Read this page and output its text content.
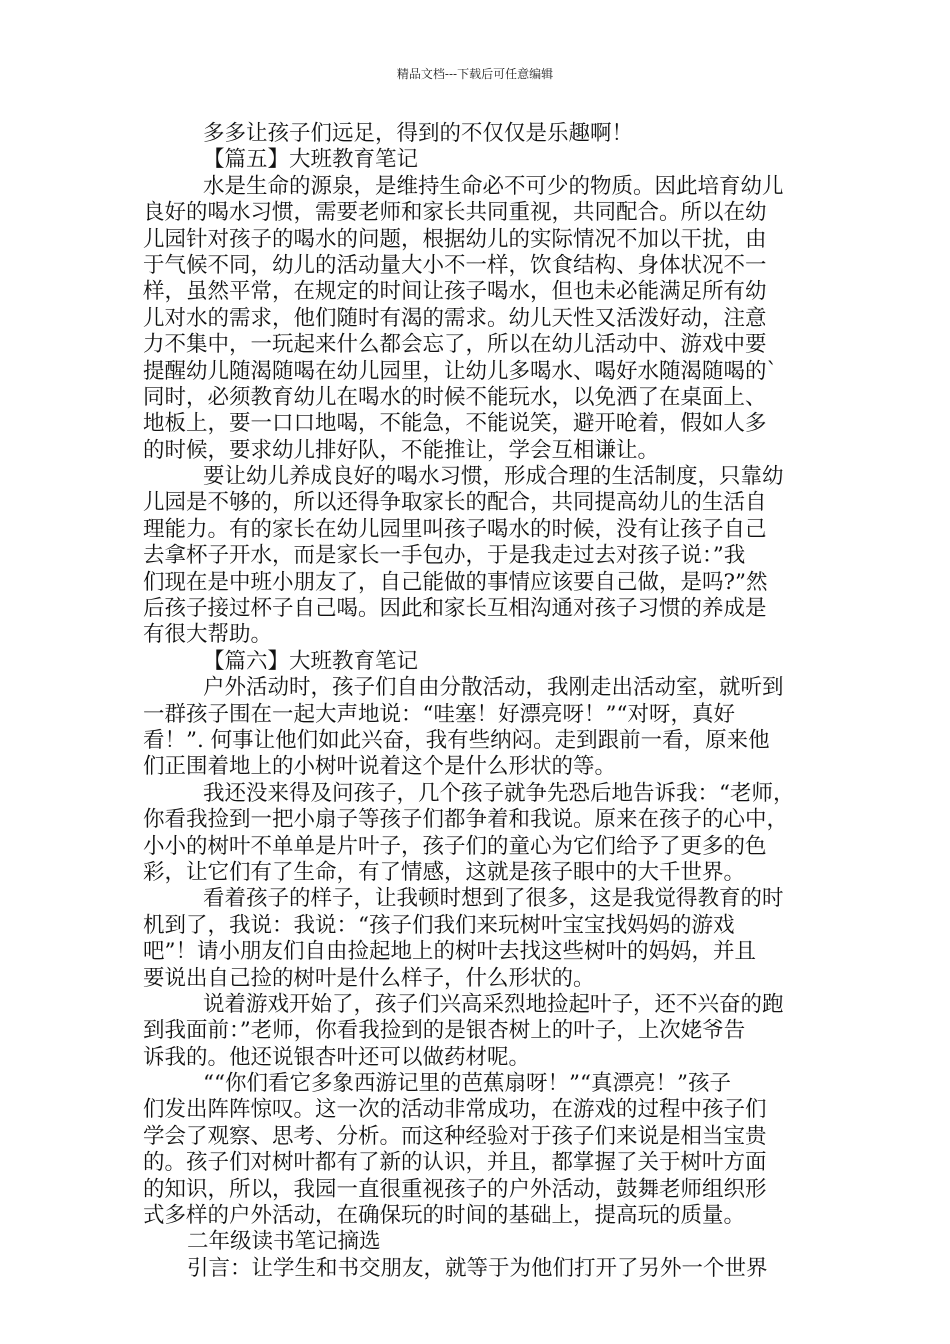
精品文档---下载后可任意编辑
多多让孩子们远足，得到的不仅仅是乐趣啊！
【篇五】大班教育笔记
水是生命的源泉，是维持生命必不可少的物质。因此培育幼儿
良好的喝水习惯，需要老师和家长共同重视，共同配合。所以在幼
儿园针对孩子的喝水的问题，根据幼儿的实际情况不加以干扰，由
于气候不同，幼儿的活动量大小不一样，饮食结构、身体状况不一
样，虽然平常，在规定的时间让孩子喝水，但也未必能满足所有幼
儿对水的需求，他们随时有渴的需求。幼儿天性又活泼好动，注意
力不集中，一玩起来什么都会忘了，所以在幼儿活动中、游戏中要
提醒幼儿随渴随喝在幼儿园里，让幼儿多喝水、喝好水随渴随喝的`
同时，必须教育幼儿在喝水的时候不能玩水，以免洒了在桌面上、
地板上，要一口口地喝，不能急，不能说笑，避开呛着，假如人多
的时候，要求幼儿排好队，不能推让，学会互相谦让。
要让幼儿养成良好的喝水习惯，形成合理的生活制度，只靠幼
儿园是不够的，所以还得争取家长的配合，共同提高幼儿的生活自
理能力。有的家长在幼儿园里叫孩子喝水的时候，没有让孩子自己
去拿杯子开水，而是家长一手包办，于是我走过去对孩子说：”我
们现在是中班小朋友了，自己能做的事情应该要自己做，是吗?”然
后孩子接过杯子自己喝。因此和家长互相沟通对孩子习惯的养成是
有很大帮助。
【篇六】大班教育笔记
户外活动时，孩子们自由分散活动，我刚走出活动室，就听到
一群孩子围在一起大声地说：“哇塞！好漂亮呀！”“对呀，真好
看！”. 何事让他们如此兴奋，我有些纳闷。走到跟前一看，原来他
们正围着地上的小树叶说着这个是什么形状的等。
我还没来得及问孩子，几个孩子就争先恐后地告诉我：“老师，
你看我捡到一把小扇子等孩子们都争着和我说。原来在孩子的心中，
小小的树叶不单单是片叶子，孩子们的童心为它们给予了更多的色
彩，让它们有了生命，有了情感，这就是孩子眼中的大千世界。
看着孩子的样子，让我顿时想到了很多，这是我觉得教育的时
机到了，我说：我说：“孩子们我们来玩树叶宝宝找妈妈的游戏
吧”！请小朋友们自由捡起地上的树叶去找这些树叶的妈妈，并且
要说出自己捡的树叶是什么样子，什么形状的。
说着游戏开始了，孩子们兴高采烈地捡起叶子，还不兴奋的跑
到我面前：”老师，你看我捡到的是银杏树上的叶子，上次姥爷告
诉我的。他还说银杏叶还可以做药材呢。
““你们看它多象西游记里的芭蕉扇呀！”“真漂亮！”孩子
们发出阵阵惊叹。这一次的活动非常成功，在游戏的过程中孩子们
学会了观察、思考、分析。而这种经验对于孩子们来说是相当宝贵
的。孩子们对树叶都有了新的认识，并且，都掌握了关于树叶方面
的知识，所以，我园一直很重视孩子的户外活动，鼓舞老师组织形
式多样的户外活动，在确保玩的时间的基础上，提高玩的质量。
二年级读书笔记摘选
引言：让学生和书交朋友，就等于为他们打开了另外一个世界
